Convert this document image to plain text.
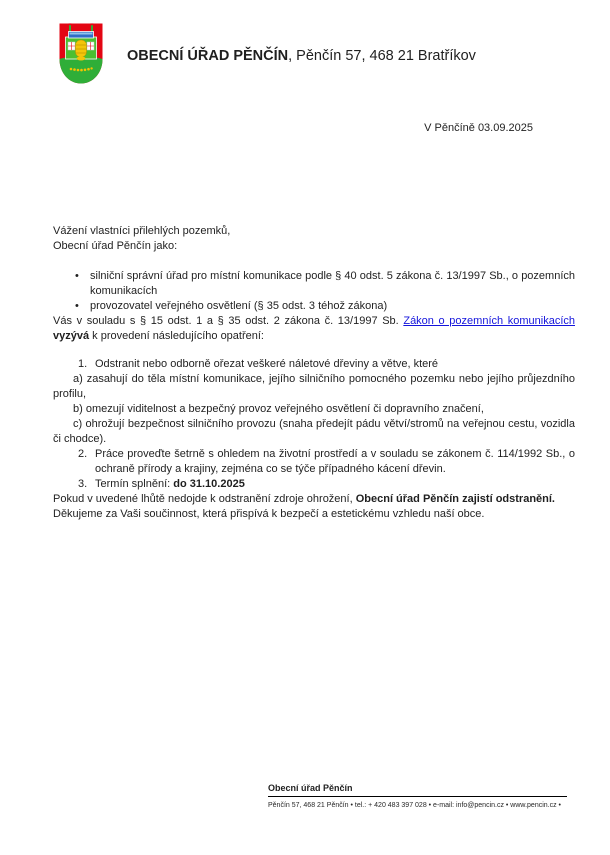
OBECNÍ ÚŘAD PĚNČÍN, Pěnčín 57, 468 21 Bratříkov
V Pěnčíně 03.09.2025

Vážení vlastníci přilehlých pozemků,

Obecní úřad Pěnčín jako:

•	silniční správní úřad pro místní komunikace podle § 40 odst. 5 zákona č. 13/1997 Sb., o pozemních komunikacích
•	provozovatel veřejného osvětlení (§ 35 odst. 3 téhož zákona)

Vás v souladu s § 15 odst. 1 a § 35 odst. 2 zákona č. 13/1997 Sb. Zákon o pozemních komunikacích vyzývá k provedení následujícího opatření:

1. Odstranit nebo odborně ořezat veškeré náletové dřeviny a větve, které

a) zasahují do těla místní komunikace, jejího silničního pomocného pozemku nebo jejího průjezdního profilu,

b) omezují viditelnost a bezpečný provoz veřejného osvětlení či dopravního značení,

c) ohrožují bezpečnost silničního provozu (snaha předejít pádu větví/stromů na veřejnou cestu, vozidla či chodce).

2. Práce proveďte šetrně s ohledem na životní prostředí a v souladu se zákonem č. 114/1992 Sb., o ochraně přírody a krajiny, zejména co se týče případného kácení dřevin.
3. Termín splnění: do 31.10.2025

Pokud v uvedené lhůtě nedojde k odstranění zdroje ohrožení, Obecní úřad Pěnčín zajistí odstranění.

Děkujeme za Vaši součinnost, která přispívá k bezpečí a estetickému vzhledu naší obce.

Obecní úřad Pěnčín
Pěnčín 57, 468 21 Pěnčín • tel.: + 420 483 397 028 • e-mail: info@pencin.cz • www.pencin.cz •
